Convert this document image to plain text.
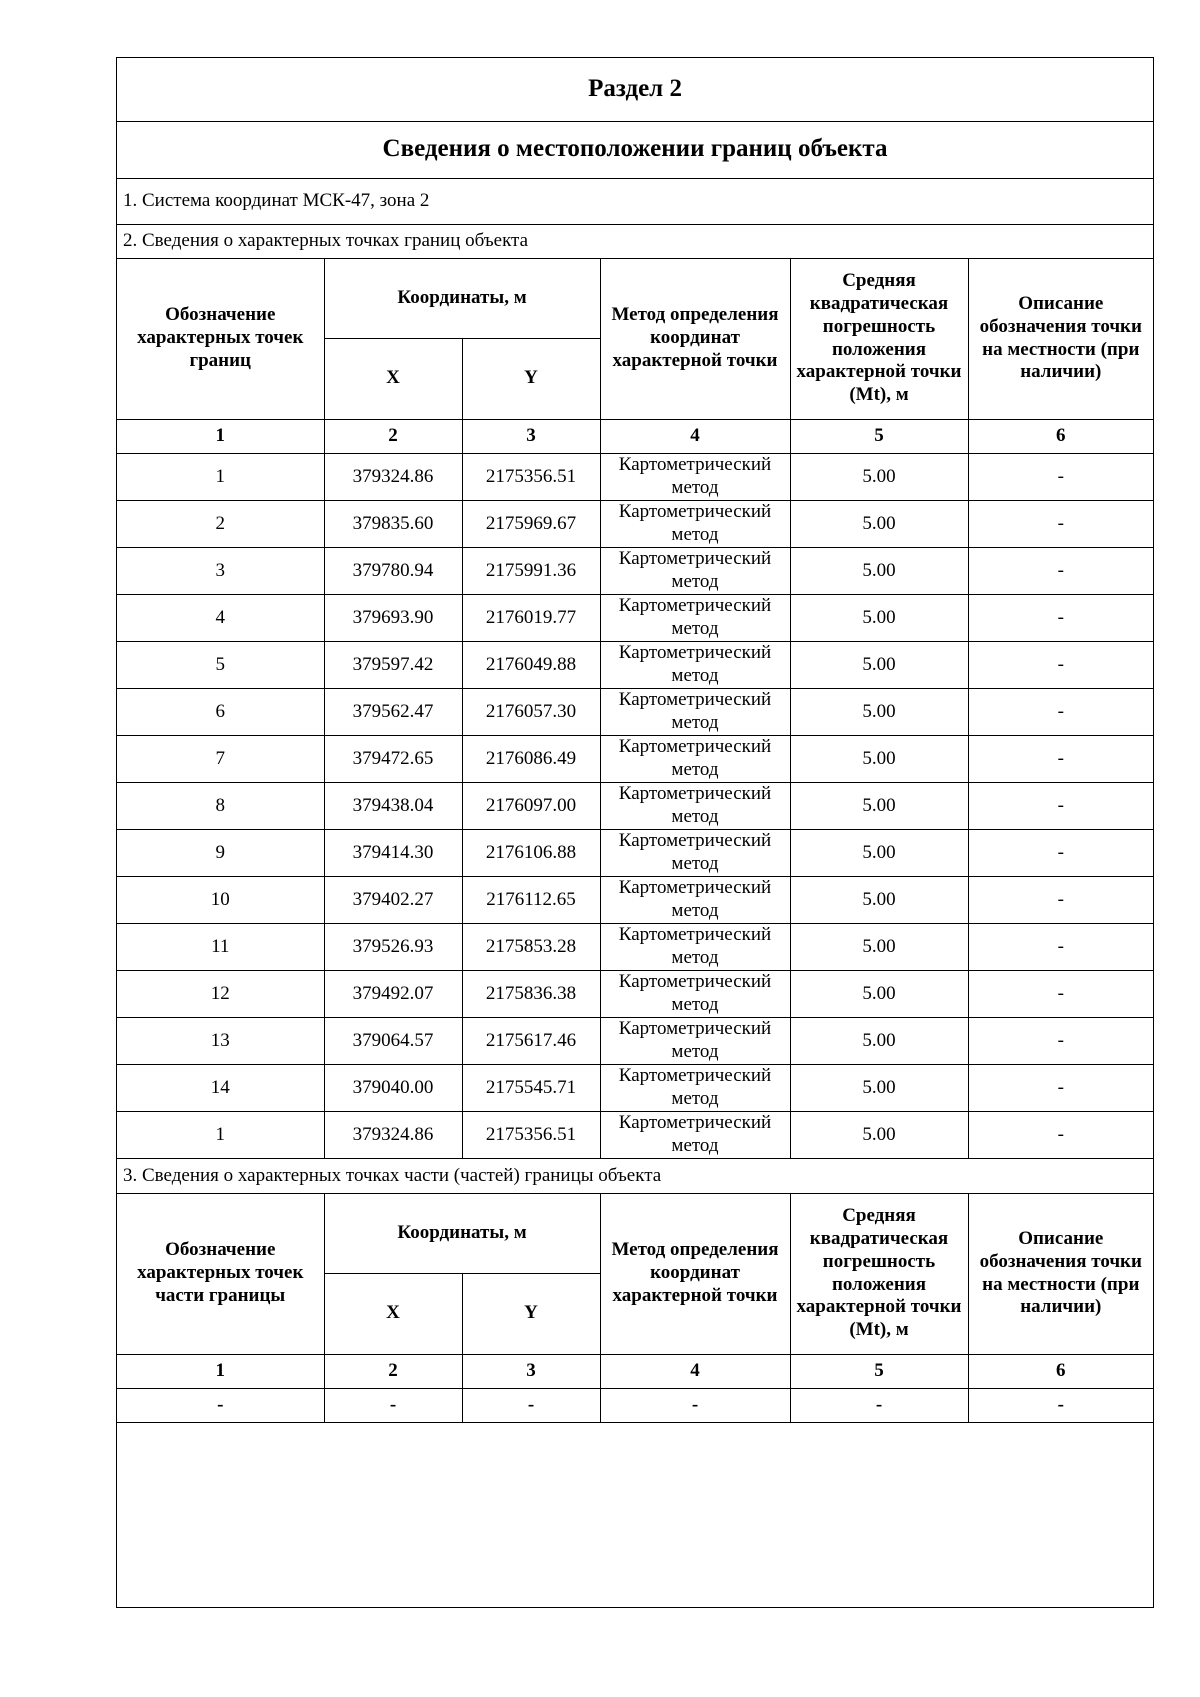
Раздел 2					
Сведения о местоположении границ объекта					
1. Система координат МСК-47, зона 2					
2. Сведения о характерных точках границ объекта					
Обозначение характерных точек границ	Координаты, м		Метод определения координат характерной точки	Средняя квадратическая погрешность положения характерной точки (Mt), м	Описание обозначения точки на местности (при наличии)
	X	Y			
1	2	3	4	5	6
1	379324.86	2175356.51	Картометрический метод	5.00	-
2	379835.60	2175969.67	Картометрический метод	5.00	-
3	379780.94	2175991.36	Картометрический метод	5.00	-
4	379693.90	2176019.77	Картометрический метод	5.00	-
5	379597.42	2176049.88	Картометрический метод	5.00	-
6	379562.47	2176057.30	Картометрический метод	5.00	-
7	379472.65	2176086.49	Картометрический метод	5.00	-
8	379438.04	2176097.00	Картометрический метод	5.00	-
9	379414.30	2176106.88	Картометрический метод	5.00	-
10	379402.27	2176112.65	Картометрический метод	5.00	-
11	379526.93	2175853.28	Картометрический метод	5.00	-
12	379492.07	2175836.38	Картометрический метод	5.00	-
13	379064.57	2175617.46	Картометрический метод	5.00	-
14	379040.00	2175545.71	Картометрический метод	5.00	-
1	379324.86	2175356.51	Картометрический метод	5.00	-
3. Сведения о характерных точках части (частей) границы объекта					
Обозначение характерных точек части границы	Координаты, м		Метод определения координат характерной точки	Средняя квадратическая погрешность положения характерной точки (Mt), м	Описание обозначения точки на местности (при наличии)
	X	Y			
1	2	3	4	5	6
-	-	-	-	-	-
